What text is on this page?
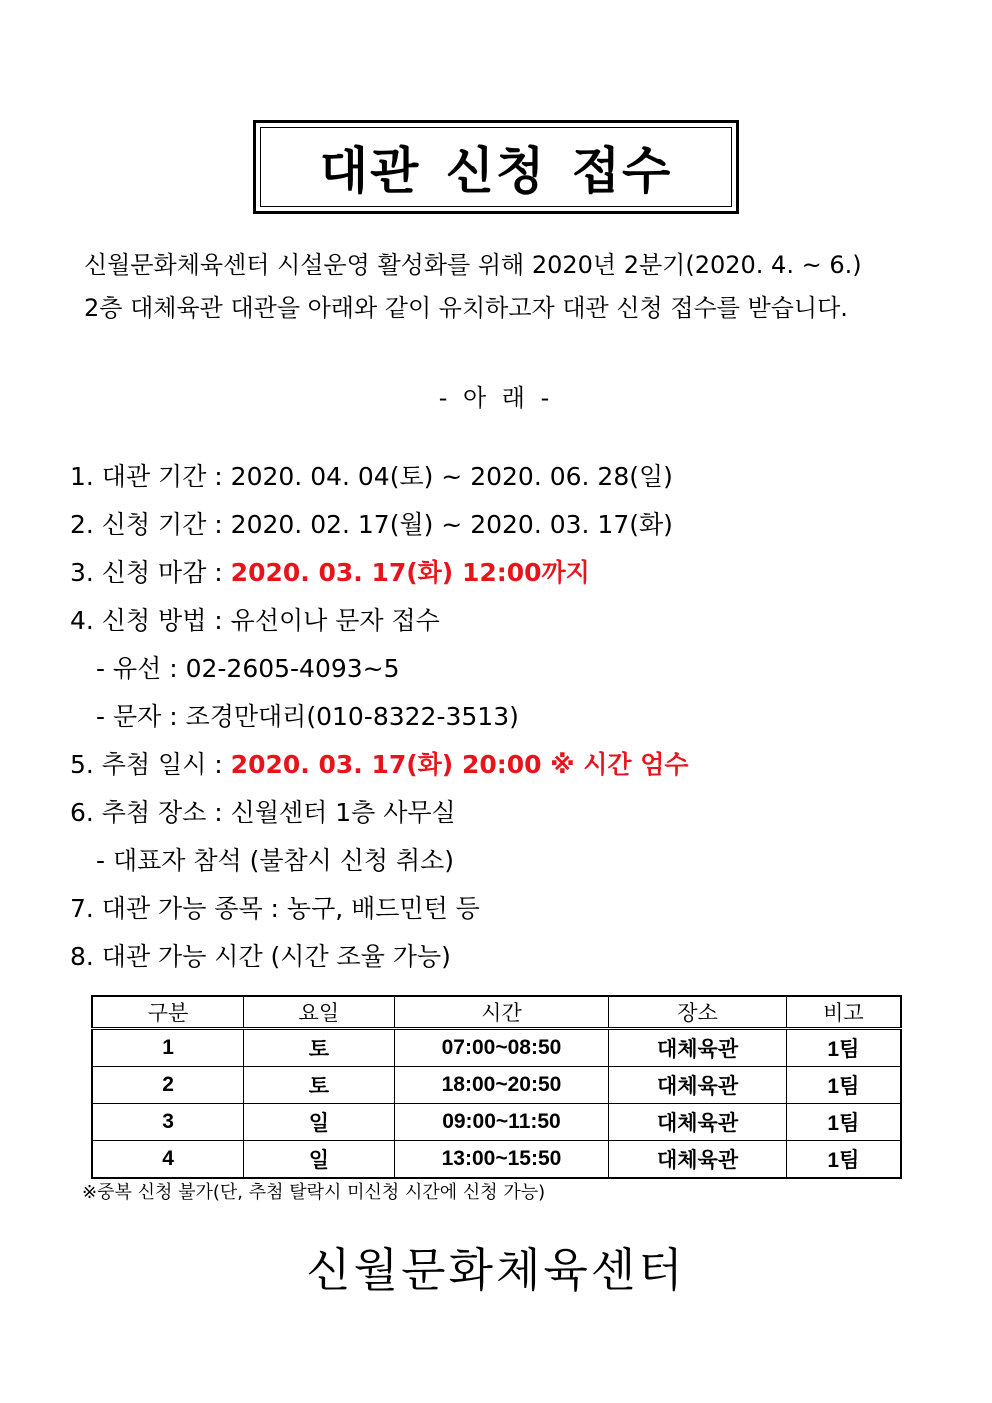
대관 신청 접수
신월문화체육센터 시설운영 활성화를 위해 2020년 2분기(2020. 4. ~ 6.)
2층 대체육관 대관을 아래와 같이 유치하고자 대관 신청 접수를 받습니다.
- 아 래 -
1. 대관 기간 : 2020. 04. 04(토) ~ 2020. 06. 28(일)
2. 신청 기간 : 2020. 02. 17(월) ~ 2020. 03. 17(화)
3. 신청 마감 : 2020. 03. 17(화) 12:00까지
4. 신청 방법 : 유선이나 문자 접수
- 유선 : 02-2605-4093~5
- 문자 : 조경만대리(010-8322-3513)
5. 추첨 일시 : 2020. 03. 17(화) 20:00 ※ 시간 엄수
6. 추첨 장소 : 신월센터 1층 사무실
- 대표자 참석 (불참시 신청 취소)
7. 대관 가능 종목 : 농구, 배드민턴 등
8. 대관 가능 시간 (시간 조율 가능)
구분	요일	시간	장소	비고
1	토	07:00~08:50	대체육관	1팀
2	토	18:00~20:50	대체육관	1팀
3	일	09:00~11:50	대체육관	1팀
4	일	13:00~15:50	대체육관	1팀
※중복 신청 불가(단, 추첨 탈락시 미신청 시간에 신청 가능)
신월문화체육센터
